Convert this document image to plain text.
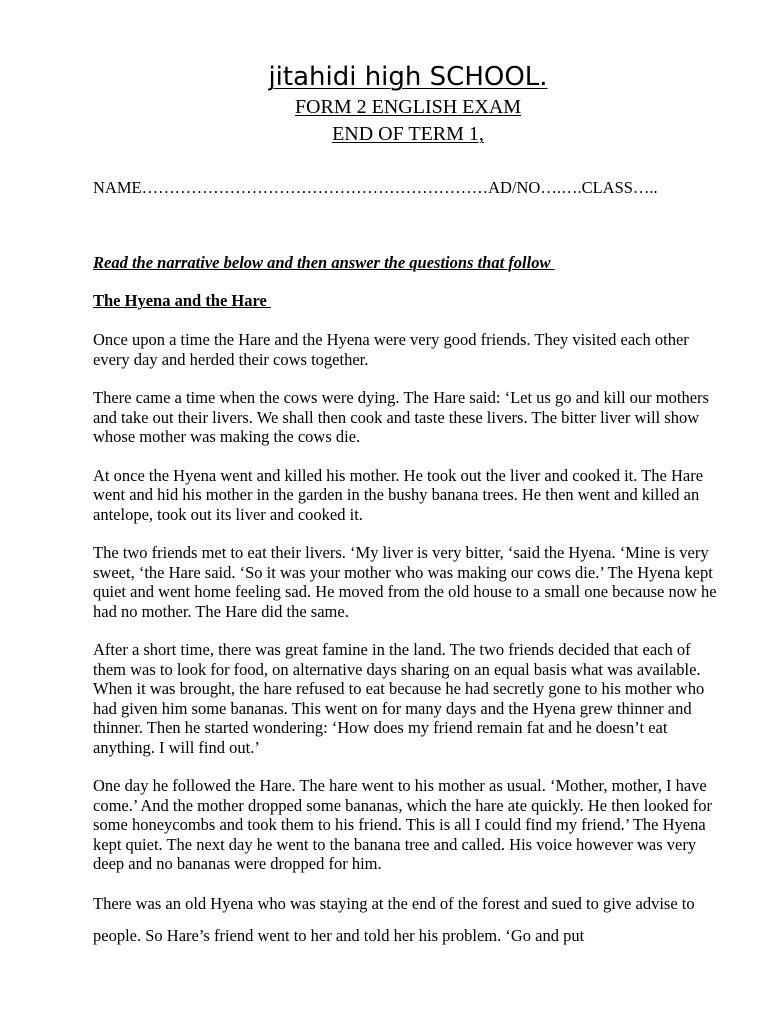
jitahidi high SCHOOL.

FORM 2 ENGLISH EXAM

END OF TERM 1,

NAME………………………………………………………AD/NO….….CLASS…..

Read the narrative below and then answer the questions that follow

The Hyena and the Hare

Once upon a time the Hare and the Hyena were very good friends. They visited each other every day and herded their cows together.

There came a time when the cows were dying. The Hare said: ‘Let us go and kill our mothers and take out their livers. We shall then cook and taste these livers. The bitter liver will show whose mother was making the cows die.

At once the Hyena went and killed his mother. He took out the liver and cooked it. The Hare went and hid his mother in the garden in the bushy banana trees. He then went and killed an antelope, took out its liver and cooked it.

The two friends met to eat their livers. ‘My liver is very bitter, ‘said the Hyena. ‘Mine is very sweet, ‘the Hare said. ‘So it was your mother who was making our cows die.’ The Hyena kept quiet and went home feeling sad. He moved from the old house to a small one because now he had no mother. The Hare did the same.

After a short time, there was great famine in the land. The two friends decided that each of them was to look for food, on alternative days sharing on an equal basis what was available. When it was brought, the hare refused to eat because he had secretly gone to his mother who had given him some bananas. This went on for many days and the Hyena grew thinner and thinner. Then he started wondering: ‘How does my friend remain fat and he doesn’t eat anything. I will find out.’

One day he followed the Hare. The hare went to his mother as usual. ‘Mother, mother, I have come.’ And the mother dropped some bananas, which the hare ate quickly. He then looked for some honeycombs and took them to his friend. This is all I could find my friend.’ The Hyena kept quiet. The next day he went to the banana tree and called. His voice however was very deep and no bananas were dropped for him.

There was an old Hyena who was staying at the end of the forest and sued to give advise to people. So Hare’s friend went to her and told her his problem. ‘Go and put
